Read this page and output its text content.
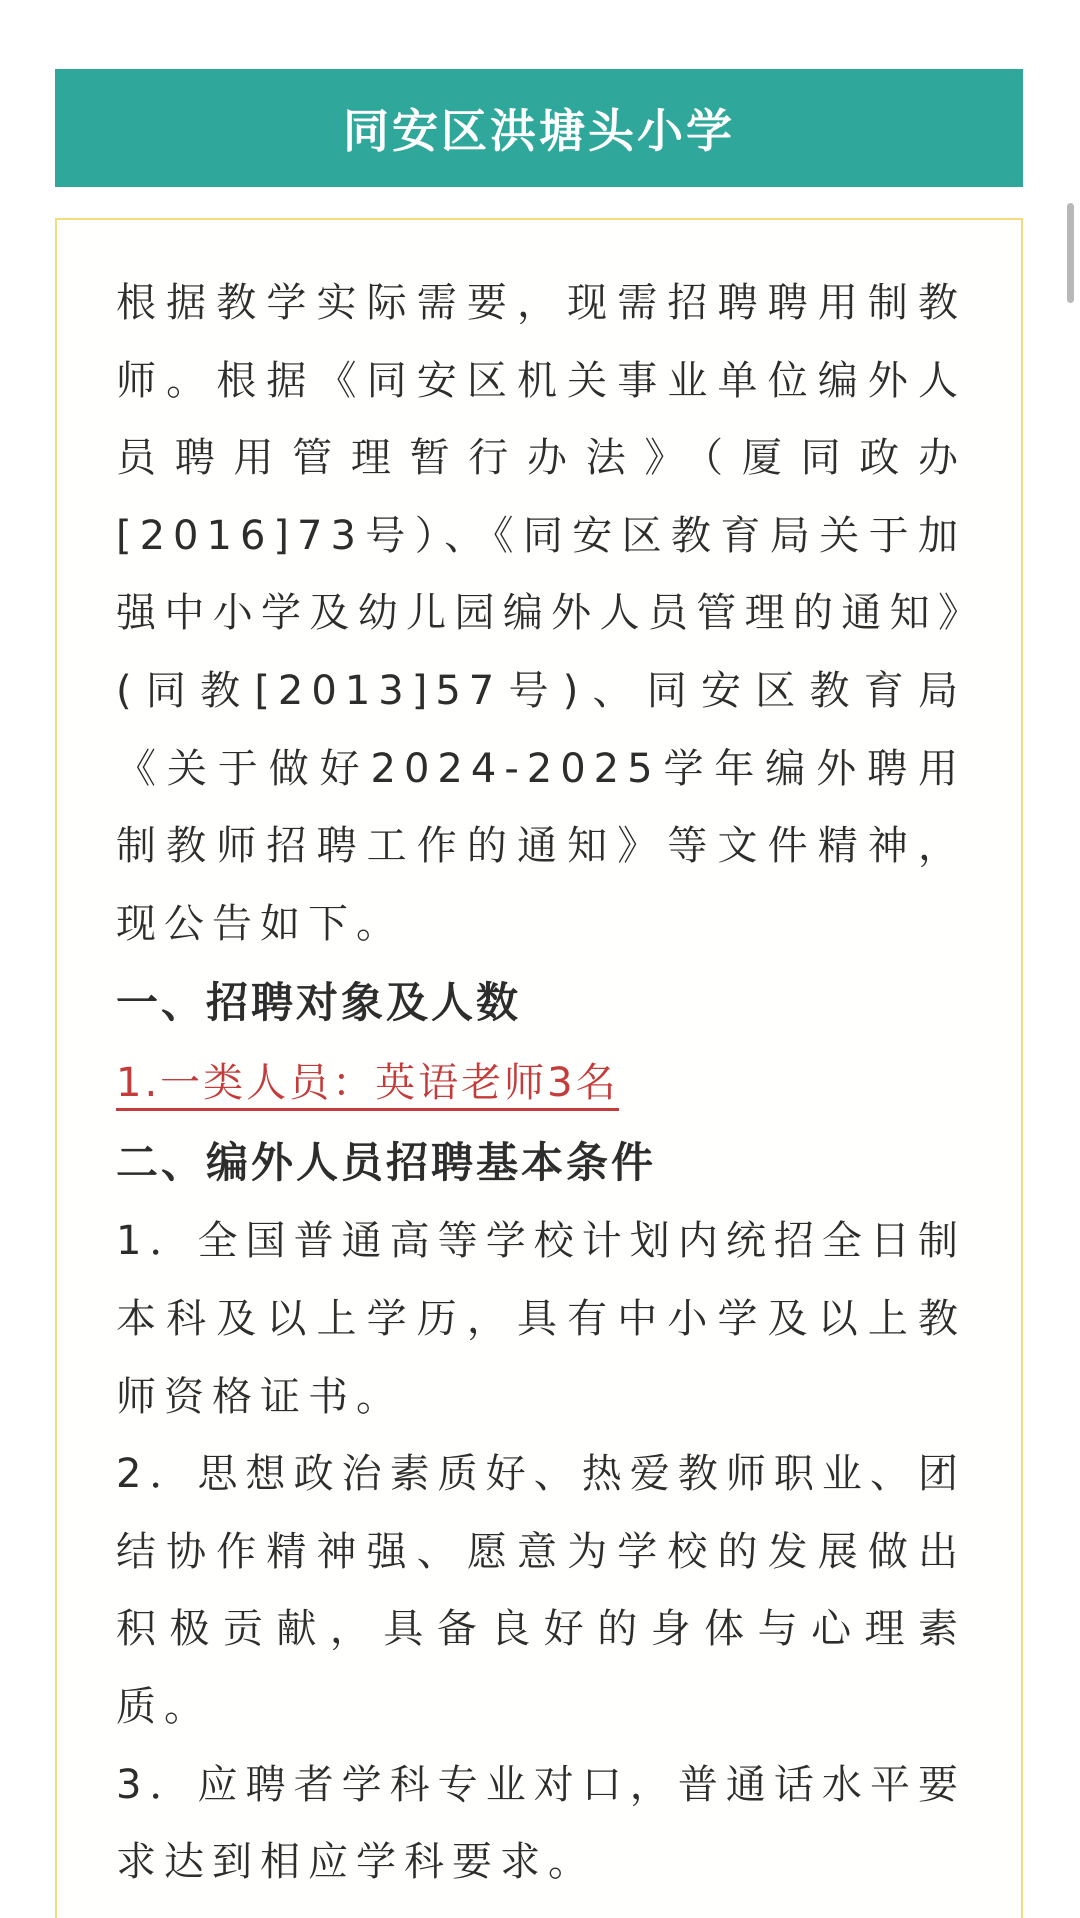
同安区洪塘头小学

根据教学实际需要，现需招聘聘用制教师。根据《同安区机关事业单位编外人员聘用管理暂行办法》（厦同政办[2016]73号）、《同安区教育局关于加强中小学及幼儿园编外人员管理的通知》(同教[2013]57号)、同安区教育局《关于做好2024-2025学年编外聘用制教师招聘工作的通知》等文件精神，现公告如下。

一、招聘对象及人数

1.一类人员：英语老师3名

二、编外人员招聘基本条件

1．全国普通高等学校计划内统招全日制本科及以上学历，具有中小学及以上教师资格证书。

2．思想政治素质好、热爱教师职业、团结协作精神强、愿意为学校的发展做出积极贡献，具备良好的身体与心理素质。

3．应聘者学科专业对口，普通话水平要求达到相应学科要求。
